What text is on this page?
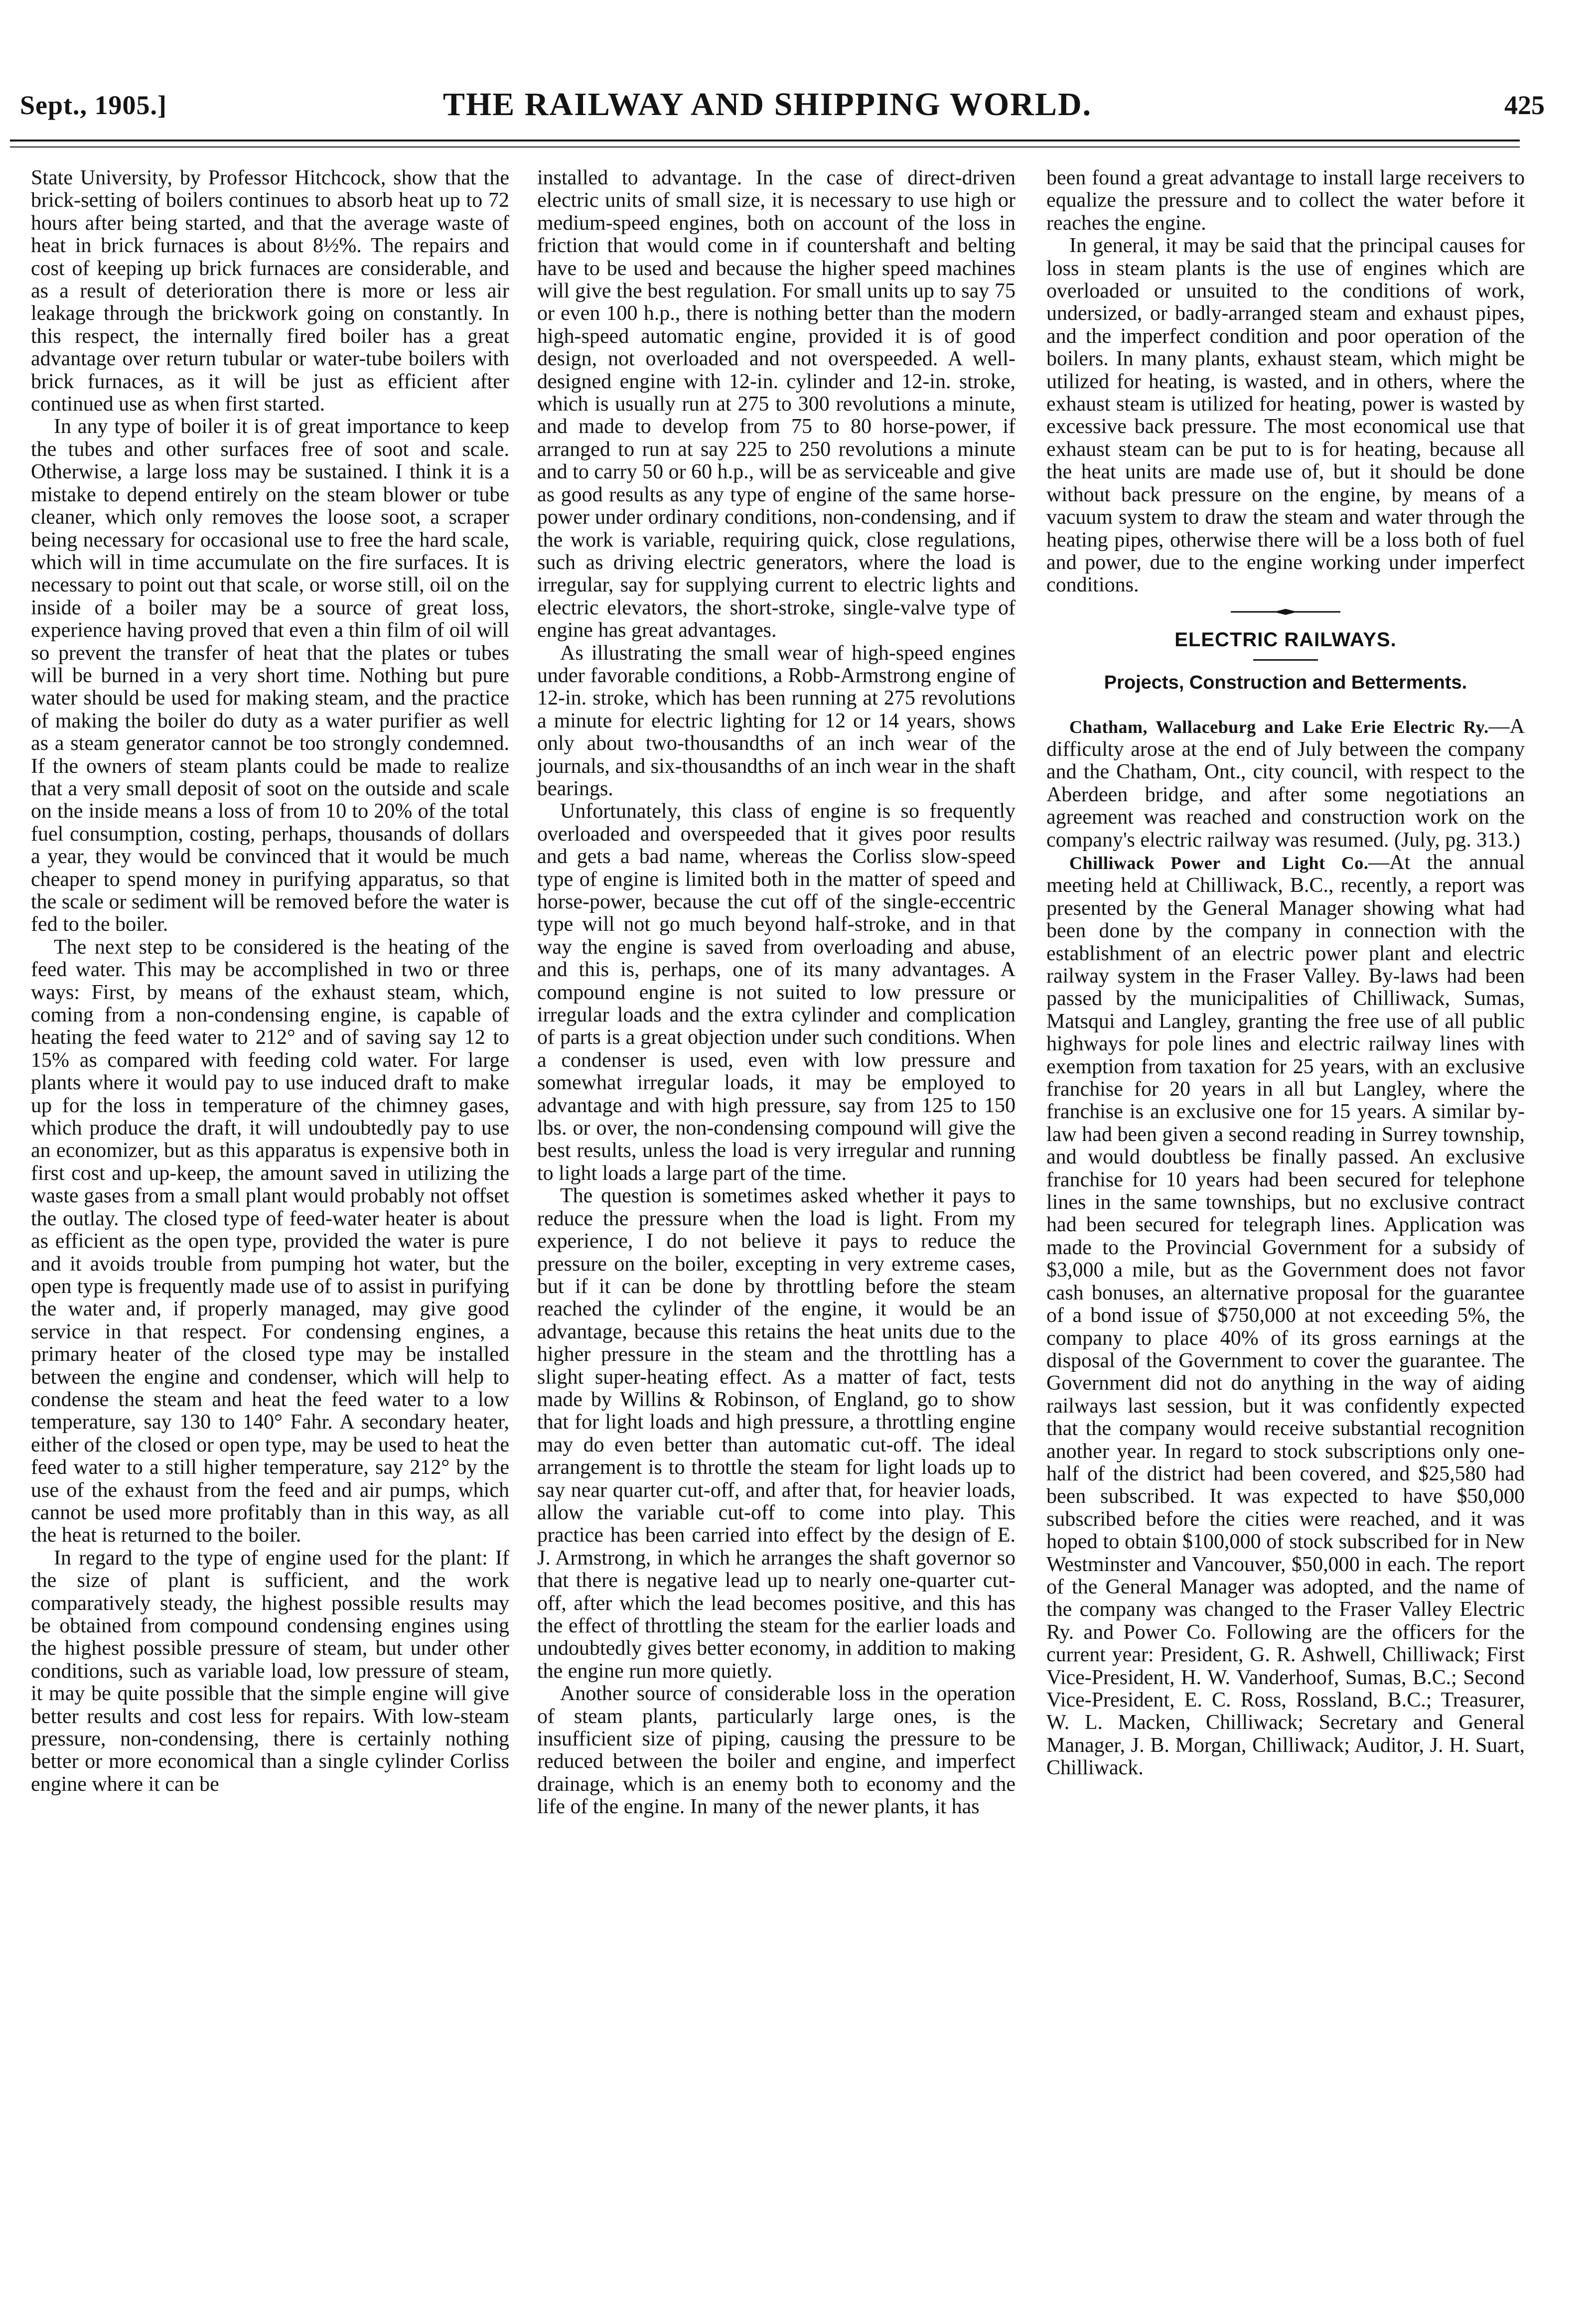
Sept., 1905.]	THE RAILWAY AND SHIPPING WORLD.	425

State University, by Professor Hitchcock, show that the brick-setting of boilers continues to absorb heat up to 72 hours after being started, and that the average waste of heat in brick furnaces is about 8½%. The repairs and cost of keeping up brick furnaces are considerable, and as a result of deterioration there is more or less air leakage through the brickwork going on constantly. In this respect, the internally fired boiler has a great advantage over return tubular or water-tube boilers with brick furnaces, as it will be just as efficient after continued use as when first started.

In any type of boiler it is of great importance to keep the tubes and other surfaces free of soot and scale. Otherwise, a large loss may be sustained. I think it is a mistake to depend entirely on the steam blower or tube cleaner, which only removes the loose soot, a scraper being necessary for occasional use to free the hard scale, which will in time accumulate on the fire surfaces. It is necessary to point out that scale, or worse still, oil on the inside of a boiler may be a source of great loss, experience having proved that even a thin film of oil will so prevent the transfer of heat that the plates or tubes will be burned in a very short time. Nothing but pure water should be used for making steam, and the practice of making the boiler do duty as a water purifier as well as a steam generator cannot be too strongly condemned. If the owners of steam plants could be made to realize that a very small deposit of soot on the outside and scale on the inside means a loss of from 10 to 20% of the total fuel consumption, costing, perhaps, thousands of dollars a year, they would be convinced that it would be much cheaper to spend money in purifying apparatus, so that the scale or sediment will be removed before the water is fed to the boiler.

The next step to be considered is the heating of the feed water. This may be accomplished in two or three ways: First, by means of the exhaust steam, which, coming from a non-condensing engine, is capable of heating the feed water to 212° and of saving say 12 to 15% as compared with feeding cold water. For large plants where it would pay to use induced draft to make up for the loss in temperature of the chimney gases, which produce the draft, it will undoubtedly pay to use an economizer, but as this apparatus is expensive both in first cost and up-keep, the amount saved in utilizing the waste gases from a small plant would probably not offset the outlay. The closed type of feed-water heater is about as efficient as the open type, provided the water is pure and it avoids trouble from pumping hot water, but the open type is frequently made use of to assist in purifying the water and, if properly managed, may give good service in that respect. For condensing engines, a primary heater of the closed type may be installed between the engine and condenser, which will help to condense the steam and heat the feed water to a low temperature, say 130 to 140° Fahr. A secondary heater, either of the closed or open type, may be used to heat the feed water to a still higher temperature, say 212° by the use of the exhaust from the feed and air pumps, which cannot be used more profitably than in this way, as all the heat is returned to the boiler.

In regard to the type of engine used for the plant: If the size of plant is sufficient, and the work comparatively steady, the highest possible results may be obtained from compound condensing engines using the highest possible pressure of steam, but under other conditions, such as variable load, low pressure of steam, it may be quite possible that the simple engine will give better results and cost less for repairs. With low-steam pressure, non-condensing, there is certainly nothing better or more economical than a single cylinder Corliss engine where it can be

installed to advantage. In the case of direct-driven electric units of small size, it is necessary to use high or medium-speed engines, both on account of the loss in friction that would come in if countershaft and belting have to be used and because the higher speed machines will give the best regulation. For small units up to say 75 or even 100 h.p., there is nothing better than the modern high-speed automatic engine, provided it is of good design, not overloaded and not overspeeded. A well-designed engine with 12-in. cylinder and 12-in. stroke, which is usually run at 275 to 300 revolutions a minute, and made to develop from 75 to 80 horse-power, if arranged to run at say 225 to 250 revolutions a minute and to carry 50 or 60 h.p., will be as serviceable and give as good results as any type of engine of the same horse-power under ordinary conditions, non-condensing, and if the work is variable, requiring quick, close regulations, such as driving electric generators, where the load is irregular, say for supplying current to electric lights and electric elevators, the short-stroke, single-valve type of engine has great advantages.

As illustrating the small wear of high-speed engines under favorable conditions, a Robb-Armstrong engine of 12-in. stroke, which has been running at 275 revolutions a minute for electric lighting for 12 or 14 years, shows only about two-thousandths of an inch wear of the journals, and six-thousandths of an inch wear in the shaft bearings.

Unfortunately, this class of engine is so frequently overloaded and overspeeded that it gives poor results and gets a bad name, whereas the Corliss slow-speed type of engine is limited both in the matter of speed and horse-power, because the cut off of the single-eccentric type will not go much beyond half-stroke, and in that way the engine is saved from overloading and abuse, and this is, perhaps, one of its many advantages. A compound engine is not suited to low pressure or irregular loads and the extra cylinder and complication of parts is a great objection under such conditions. When a condenser is used, even with low pressure and somewhat irregular loads, it may be employed to advantage and with high pressure, say from 125 to 150 lbs. or over, the non-condensing compound will give the best results, unless the load is very irregular and running to light loads a large part of the time.

The question is sometimes asked whether it pays to reduce the pressure when the load is light. From my experience, I do not believe it pays to reduce the pressure on the boiler, excepting in very extreme cases, but if it can be done by throttling before the steam reached the cylinder of the engine, it would be an advantage, because this retains the heat units due to the higher pressure in the steam and the throttling has a slight super-heating effect. As a matter of fact, tests made by Willins & Robinson, of England, go to show that for light loads and high pressure, a throttling engine may do even better than automatic cut-off. The ideal arrangement is to throttle the steam for light loads up to say near quarter cut-off, and after that, for heavier loads, allow the variable cut-off to come into play. This practice has been carried into effect by the design of E. J. Armstrong, in which he arranges the shaft governor so that there is negative lead up to nearly one-quarter cut-off, after which the lead becomes positive, and this has the effect of throttling the steam for the earlier loads and undoubtedly gives better economy, in addition to making the engine run more quietly.

Another source of considerable loss in the operation of steam plants, particularly large ones, is the insufficient size of piping, causing the pressure to be reduced between the boiler and engine, and imperfect drainage, which is an enemy both to economy and the life of the engine. In many of the newer plants, it has

been found a great advantage to install large receivers to equalize the pressure and to collect the water before it reaches the engine.

In general, it may be said that the principal causes for loss in steam plants is the use of engines which are overloaded or unsuited to the conditions of work, undersized, or badly-arranged steam and exhaust pipes, and the imperfect condition and poor operation of the boilers. In many plants, exhaust steam, which might be utilized for heating, is wasted, and in others, where the exhaust steam is utilized for heating, power is wasted by excessive back pressure. The most economical use that exhaust steam can be put to is for heating, because all the heat units are made use of, but it should be done without back pressure on the engine, by means of a vacuum system to draw the steam and water through the heating pipes, otherwise there will be a loss both of fuel and power, due to the engine working under imperfect conditions.

ELECTRIC RAILWAYS.
Projects, Construction and Betterments.

Chatham, Wallaceburg and Lake Erie Electric Ry.—A difficulty arose at the end of July between the company and the Chatham, Ont., city council, with respect to the Aberdeen bridge, and after some negotiations an agreement was reached and construction work on the company's electric railway was resumed. (July, pg. 313.)

Chilliwack Power and Light Co.—At the annual meeting held at Chilliwack, B.C., recently, a report was presented by the General Manager showing what had been done by the company in connection with the establishment of an electric power plant and electric railway system in the Fraser Valley. By-laws had been passed by the municipalities of Chilliwack, Sumas, Matsqui and Langley, granting the free use of all public highways for pole lines and electric railway lines with exemption from taxation for 25 years, with an exclusive franchise for 20 years in all but Langley, where the franchise is an exclusive one for 15 years. A similar by-law had been given a second reading in Surrey township, and would doubtless be finally passed. An exclusive franchise for 10 years had been secured for telephone lines in the same townships, but no exclusive contract had been secured for telegraph lines. Application was made to the Provincial Government for a subsidy of $3,000 a mile, but as the Government does not favor cash bonuses, an alternative proposal for the guarantee of a bond issue of $750,000 at not exceeding 5%, the company to place 40% of its gross earnings at the disposal of the Government to cover the guarantee. The Government did not do anything in the way of aiding railways last session, but it was confidently expected that the company would receive substantial recognition another year. In regard to stock subscriptions only one-half of the district had been covered, and $25,580 had been subscribed. It was expected to have $50,000 subscribed before the cities were reached, and it was hoped to obtain $100,000 of stock subscribed for in New Westminster and Vancouver, $50,000 in each. The report of the General Manager was adopted, and the name of the company was changed to the Fraser Valley Electric Ry. and Power Co. Following are the officers for the current year: President, G. R. Ashwell, Chilliwack; First Vice-President, H. W. Vanderhoof, Sumas, B.C.; Second Vice-President, E. C. Ross, Rossland, B.C.; Treasurer, W. L. Macken, Chilliwack; Secretary and General Manager, J. B. Morgan, Chilliwack; Auditor, J. H. Suart, Chilliwack.
